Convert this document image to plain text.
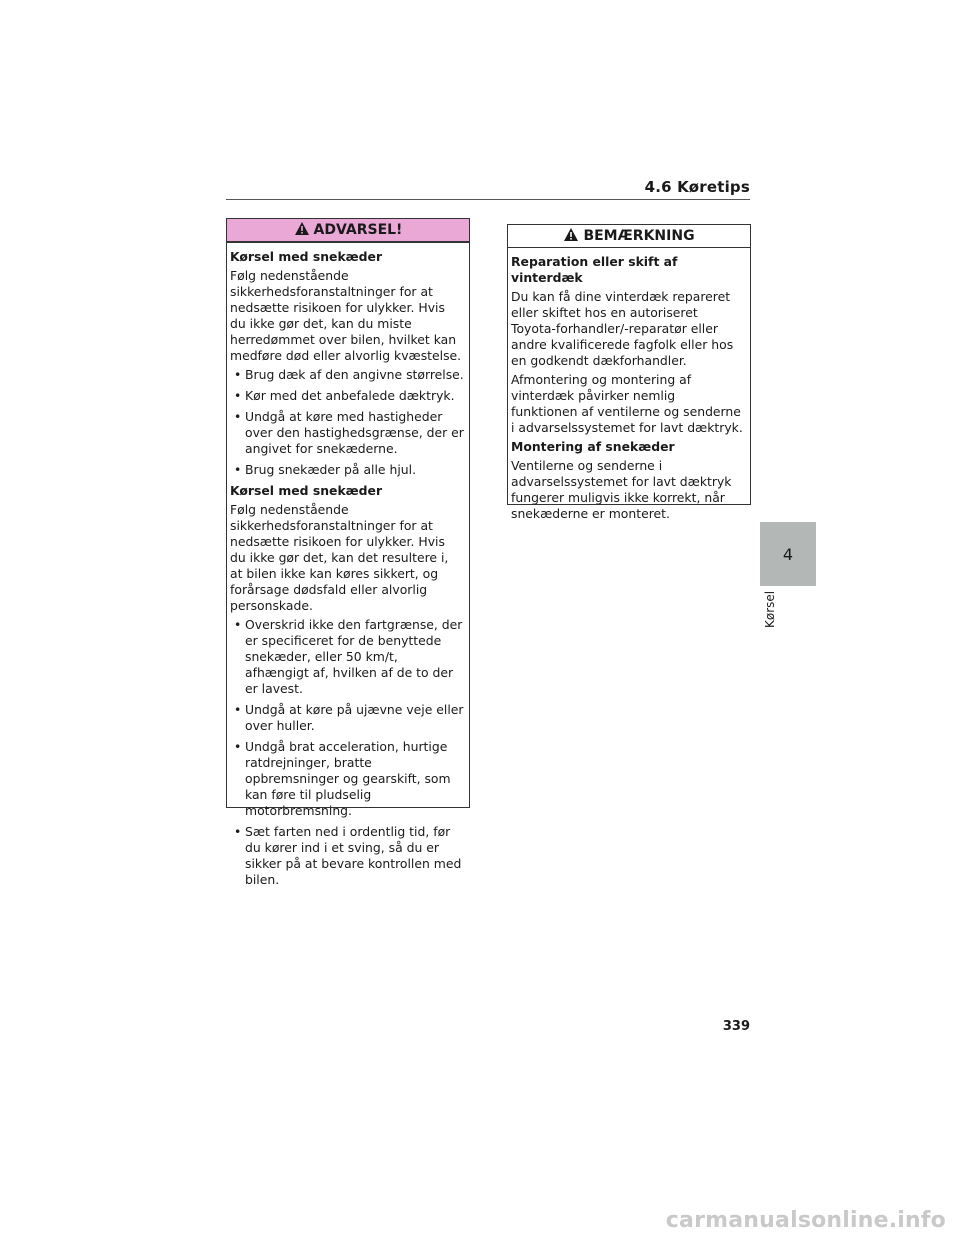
4.6 Køretips
ADVARSEL!
Kørsel med snekæder

Følg nedenstående sikkerhedsforanstaltninger for at nedsætte risikoen for ulykker. Hvis du ikke gør det, kan du miste herredømmet over bilen, hvilket kan medføre død eller alvorlig kvæstelse.

• Brug dæk af den angivne størrelse.
• Kør med det anbefalede dæktryk.
• Undgå at køre med hastigheder over den hastighedsgrænse, der er angivet for snekæderne.
• Brug snekæder på alle hjul.
Kørsel med snekæder

Følg nedenstående sikkerhedsforanstaltninger for at nedsætte risikoen for ulykker. Hvis du ikke gør det, kan det resultere i, at bilen ikke kan køres sikkert, og forårsage dødsfald eller alvorlig personskade.

• Overskrid ikke den fartgrænse, der er specificeret for de benyttede snekæder, eller 50 km/t, afhængigt af, hvilken af de to der er lavest.
• Undgå at køre på ujævne veje eller over huller.
• Undgå brat acceleration, hurtige ratdrejninger, bratte opbremsninger og gearskift, som kan føre til pludselig motorbremsning.
• Sæt farten ned i ordentlig tid, før du kører ind i et sving, så du er sikker på at bevare kontrollen med bilen.
BEMÆRKNING
Reparation eller skift af vinterdæk

Du kan få dine vinterdæk repareret eller skiftet hos en autoriseret Toyota-forhandler/-reparatør eller andre kvalificerede fagfolk eller hos en godkendt dækforhandler.

Afmontering og montering af vinterdæk påvirker nemlig funktionen af ventilerne og senderne i advarselssystemet for lavt dæktryk.

Montering af snekæder

Ventilerne og senderne i advarselssystemet for lavt dæktryk fungerer muligvis ikke korrekt, når snekæderne er monteret.

4
Kørsel
339
carmanualsonline.info
